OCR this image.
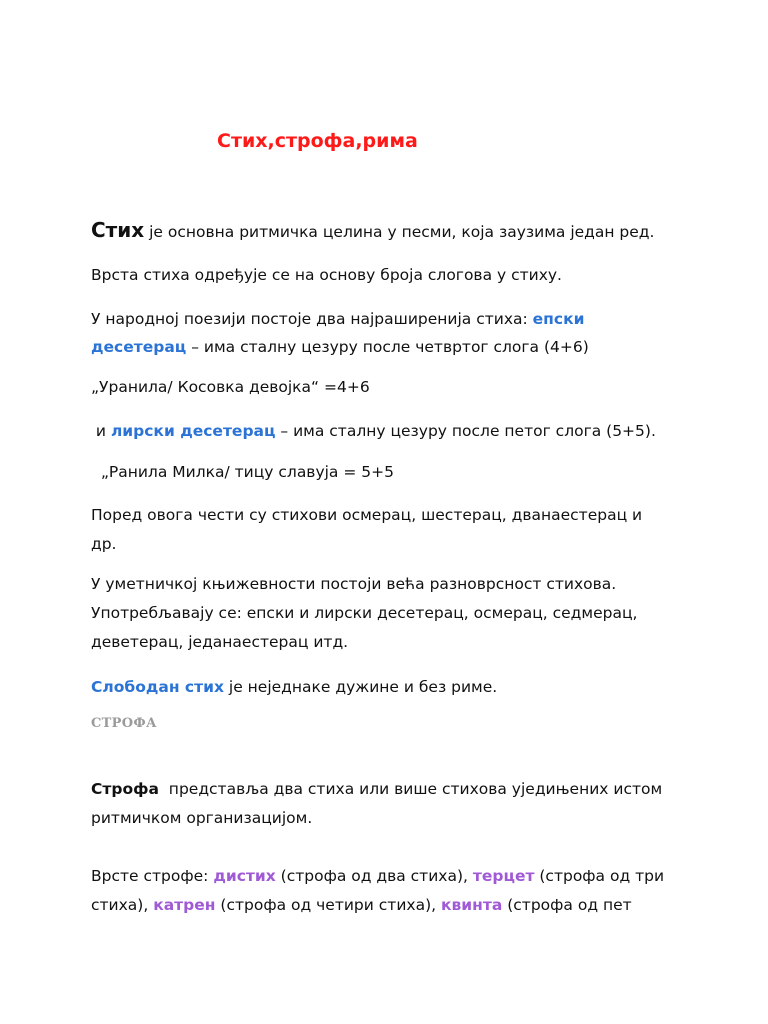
Стих,строфа,рима
Стих је основна ритмичка целина у песми, која заузима један ред.
Врста стиха одређује се на основу броја слогова у стиху.
У народној поезији постоје два најраширенија стиха: епски
десетерац – има сталну цезуру после четвртог слога (4+6)
„Уранила/ Косовка девојка“ =4+6
и лирски десетерац – има сталну цезуру после петог слога (5+5).
„Ранила Милка/ тицу славуја = 5+5
Поред овога чести су стихови осмерац, шестерац, дванаестерац и
др.
У уметничкој књижевности постоји већа разноврсност стихова.
Употребљавају се: епски и лирски десетерац, осмерац, седмерац,
деветерац, једанаестерац итд.
Слободан стих је неједнаке дужине и без риме.
СТРОФА
Строфа  представља два стиха или више стихова уједињених истом
ритмичком организацијом.
Врсте строфе: дистих (строфа од два стиха), терцет (строфа од три
стиха), катрен (строфа од четири стиха), квинта (строфа од пет
